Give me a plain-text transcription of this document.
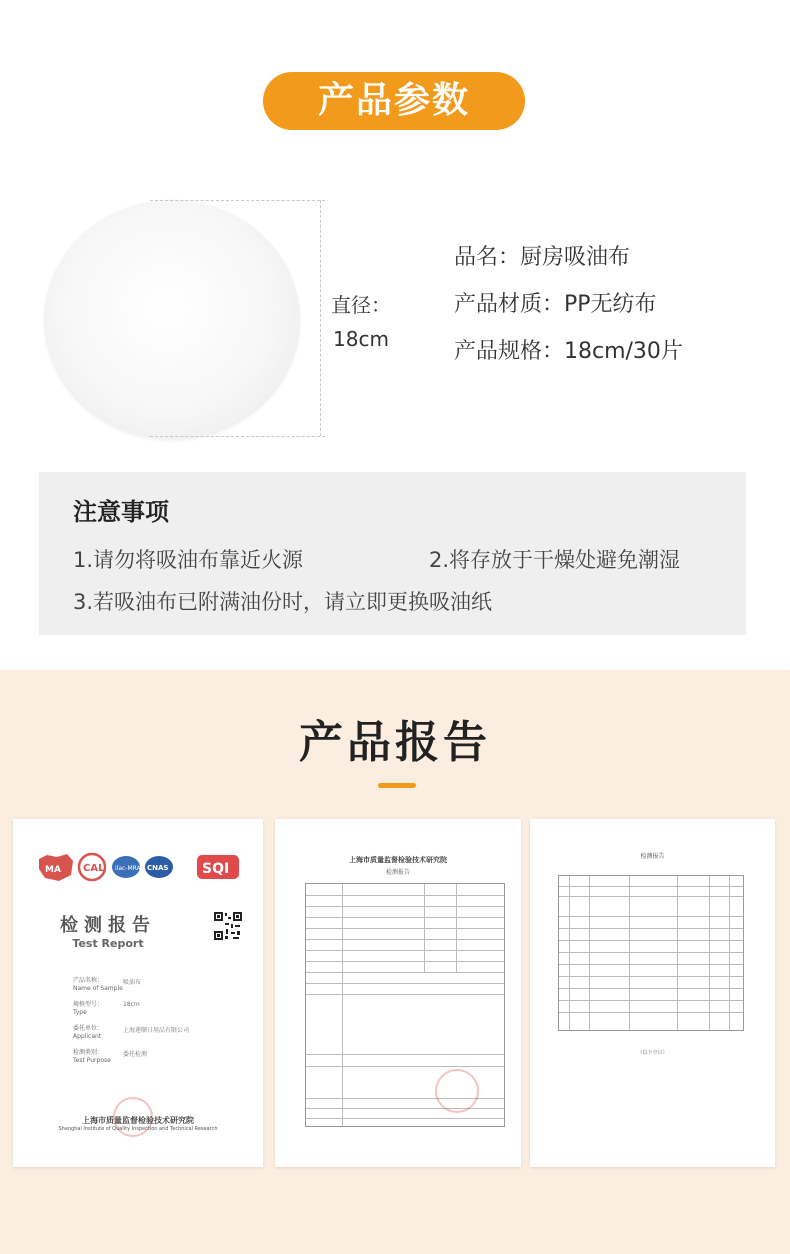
产品参数
直径：
18cm
品名：厨房吸油布
产品材质：PP无纺布
产品规格：18cm/30片
注意事项
1.请勿将吸油布靠近火源	2.将存放于干燥处避免潮湿
3.若吸油布已附满油份时，请立即更换吸油纸
产品报告
MA CAL ilac-MRA CNAS SQI
检测报告
Test Report
产品名称：
Name of Sample
吸油布
规格型号：
Type
18cm
委托单位：
Applicant
上海莲顺日用品有限公司
检测类别：
Test Purpose
委托检测
上海市质量监督检验技术研究院
Shanghai Institute of Quality Inspection and Technical Research
上海市质量监督检验技术研究院
检测报告
检测报告
（以下空白）
